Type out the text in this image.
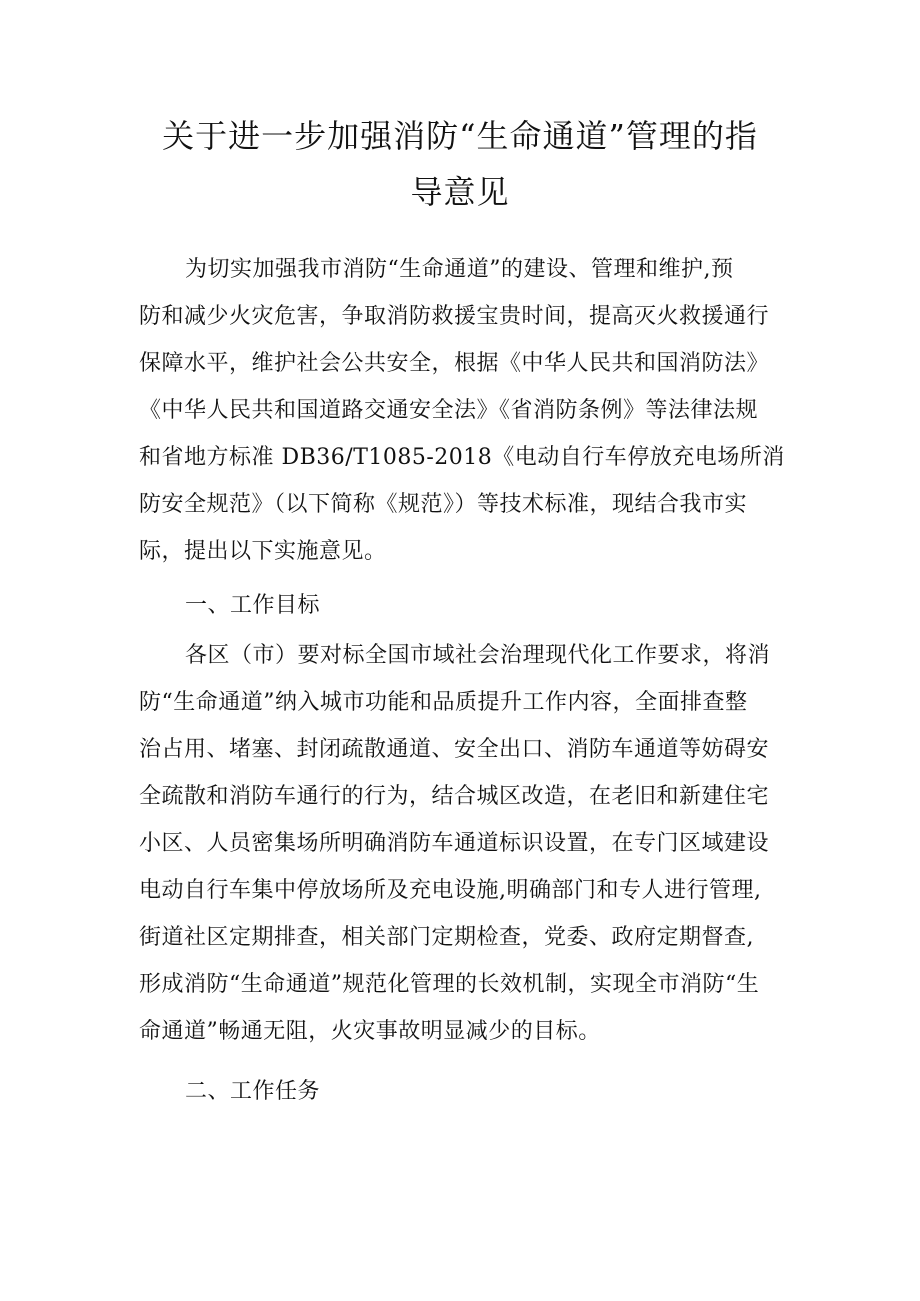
关于进一步加强消防“生命通道”管理的指
导意见
为切实加强我市消防“生命通道”的建设、管理和维护,预
防和减少火灾危害，争取消防救援宝贵时间，提高灭火救援通行
保障水平，维护社会公共安全，根据《中华人民共和国消防法》
《中华人民共和国道路交通安全法》《省消防条例》等法律法规
和省地方标准 DB36/T1085-2018《电动自行车停放充电场所消
防安全规范》（以下简称《规范》）等技术标准，现结合我市实
际，提出以下实施意见。
一、工作目标
各区（市）要对标全国市域社会治理现代化工作要求，将消
防“生命通道”纳入城市功能和品质提升工作内容，全面排查整
治占用、堵塞、封闭疏散通道、安全出口、消防车通道等妨碍安
全疏散和消防车通行的行为，结合城区改造，在老旧和新建住宅
小区、人员密集场所明确消防车通道标识设置，在专门区域建设
电动自行车集中停放场所及充电设施,明确部门和专人进行管理,
街道社区定期排查，相关部门定期检查，党委、政府定期督查,
形成消防“生命通道”规范化管理的长效机制，实现全市消防“生
命通道”畅通无阻，火灾事故明显减少的目标。
二、工作任务
